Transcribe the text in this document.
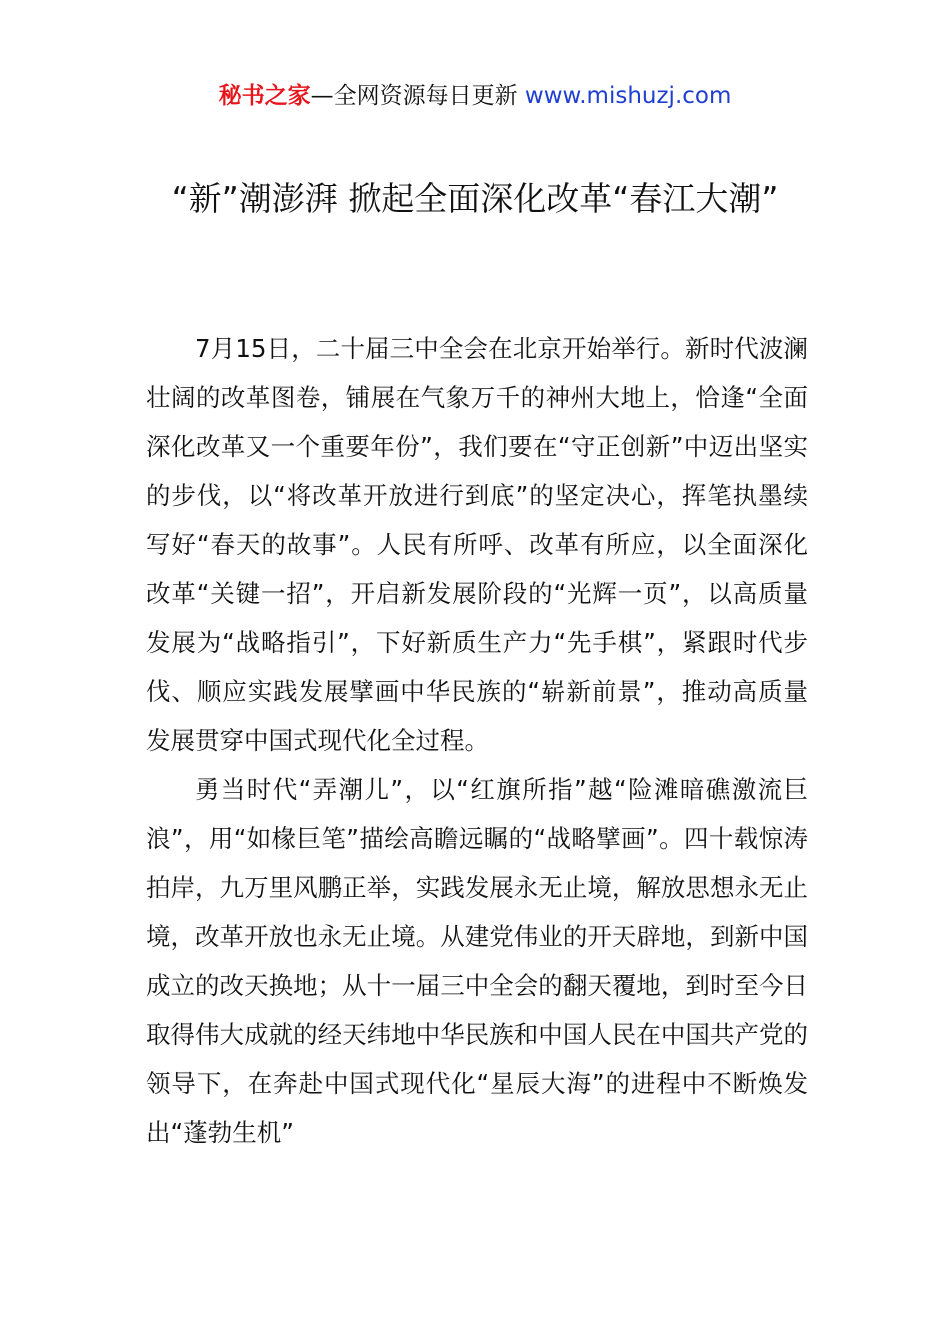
秘书之家—全网资源每日更新 www.mishuzj.com
“新”潮澎湃 掀起全面深化改革“春江大潮”

7月15日，二十届三中全会在北京开始举行。新时代波澜壮阔的改革图卷，铺展在气象万千的神州大地上，恰逢“全面深化改革又一个重要年份”，我们要在“守正创新”中迈出坚实的步伐，以“将改革开放进行到底”的坚定决心，挥笔执墨续写好“春天的故事”。人民有所呼、改革有所应，以全面深化改革“关键一招”，开启新发展阶段的“光辉一页”，以高质量发展为“战略指引”，下好新质生产力“先手棋”，紧跟时代步伐、顺应实践发展擘画中华民族的“崭新前景”，推动高质量发展贯穿中国式现代化全过程。

勇当时代“弄潮儿”，以“红旗所指”越“险滩暗礁激流巨浪”，用“如椽巨笔”描绘高瞻远瞩的“战略擘画”。四十载惊涛拍岸，九万里风鹏正举，实践发展永无止境，解放思想永无止境，改革开放也永无止境。从建党伟业的开天辟地，到新中国成立的改天换地；从十一届三中全会的翻天覆地，到时至今日取得伟大成就的经天纬地中华民族和中国人民在中国共产党的领导下，在奔赴中国式现代化“星辰大海”的进程中不断焕发出“蓬勃生机”
